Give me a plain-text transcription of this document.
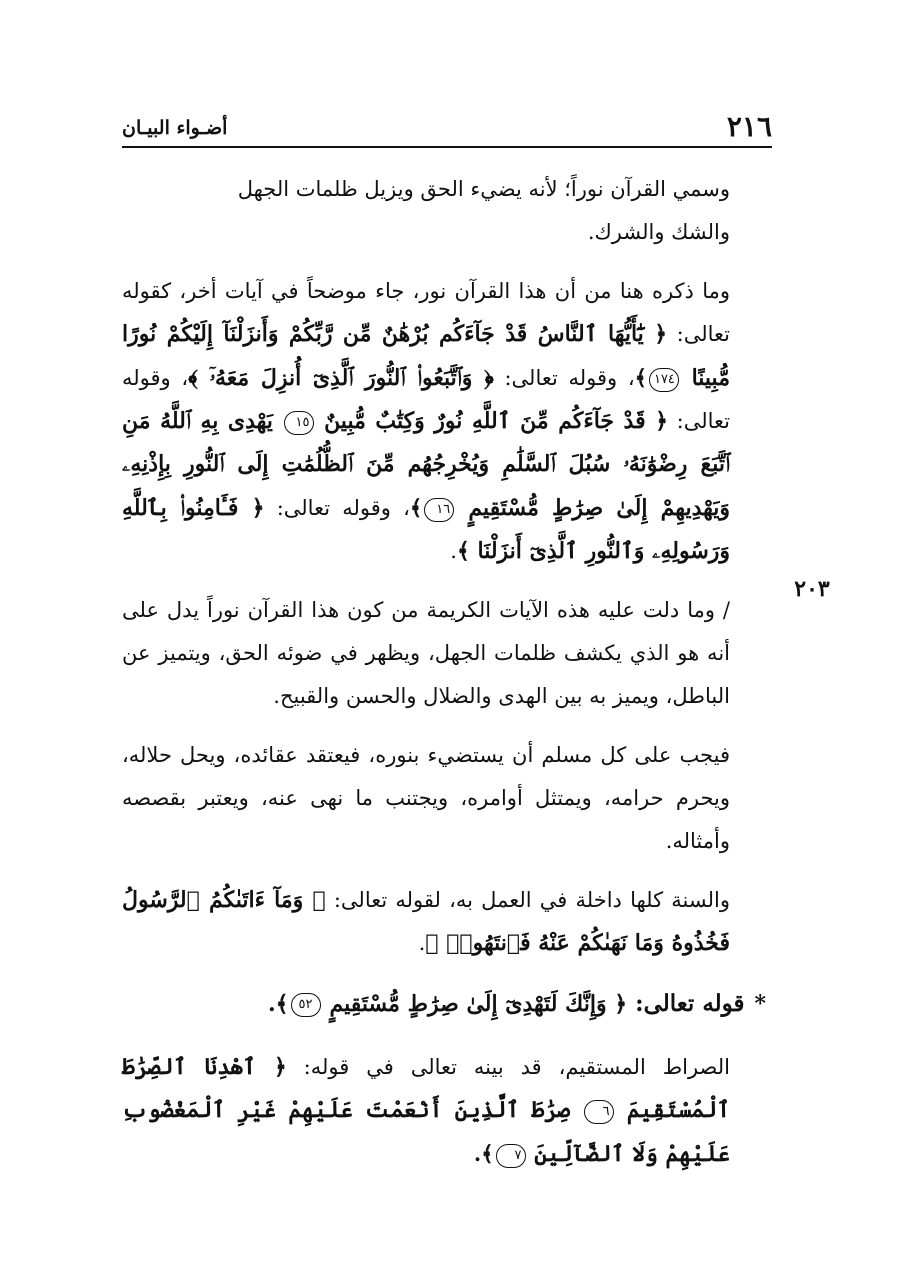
٢١٦
أضـواء البيـان
٢٠٣

وسمي القرآن نوراً؛ لأنه يضيء الحق ويزيل ظلمات الجهل
والشك والشرك.

وما ذكره هنا من أن هذا القرآن نور، جاء موضحاً في آيات أخر، كقوله تعالى: ﴿ يَٰٓأَيُّهَا ٱلنَّاسُ قَدْ جَآءَكُم بُرْهَٰنٌ مِّن رَّبِّكُمْ وَأَنزَلْنَآ إِلَيْكُمْ نُورًا مُّبِينًا ١٧٤﴾، وقوله تعالى: ﴿ وَٱتَّبَعُوا۟ ٱلنُّورَ ٱلَّذِىٓ أُنزِلَ مَعَهُۥٓ ﴾، وقوله تعالى: ﴿ قَدْ جَآءَكُم مِّنَ ٱللَّهِ نُورٌ وَكِتَٰبٌ مُّبِينٌ ١٥ يَهْدِى بِهِ ٱللَّهُ مَنِ ٱتَّبَعَ رِضْوَٰنَهُۥ سُبُلَ ٱلسَّلَٰمِ وَيُخْرِجُهُم مِّنَ ٱلظُّلُمَٰتِ إِلَى ٱلنُّورِ بِإِذْنِهِۦ وَيَهْدِيهِمْ إِلَىٰ صِرَٰطٍ مُّسْتَقِيمٍ ١٦﴾، وقوله تعالى: ﴿ فَـَٔامِنُوا۟ بِٱللَّهِ وَرَسُولِهِۦ وَٱلنُّورِ ٱلَّذِىٓ أَنزَلْنَا ﴾.

/ وما دلت عليه هذه الآيات الكريمة من كون هذا القرآن نوراً يدل على أنه هو الذي يكشف ظلمات الجهل، ويظهر في ضوئه الحق، ويتميز عن الباطل، ويميز به بين الهدى والضلال والحسن والقبيح.

فيجب على كل مسلم أن يستضيء بنوره، فيعتقد عقائده، ويحل حلاله، ويحرم حرامه، ويمتثل أوامره، ويجتنب ما نهى عنه، ويعتبر بقصصه وأمثاله.

والسنة كلها داخلة في العمل به، لقوله تعالى: ﴿ وَمَآ ءَاتَىٰكُمُ ٱلرَّسُولُ فَخُذُوهُ وَمَا نَهَىٰكُمْ عَنْهُ فَٱنتَهُوا۟ ﴾.

*قوله تعالى: ﴿ وَإِنَّكَ لَتَهْدِىٓ إِلَىٰ صِرَٰطٍ مُّسْتَقِيمٍ ٥٢﴾.

الصراط المستقيم، قد بينه تعالى في قوله: ﴿ ٱهْدِنَا ٱلصِّرَٰطَ ٱلْمُسْتَقِيمَ ٦ صِرَٰطَ ٱلَّذِينَ أَنْعَمْتَ عَلَيْهِمْ غَيْرِ ٱلْمَغْضُوبِ عَلَيْهِمْ وَلَا ٱلضَّآلِّينَ ٧﴾.
